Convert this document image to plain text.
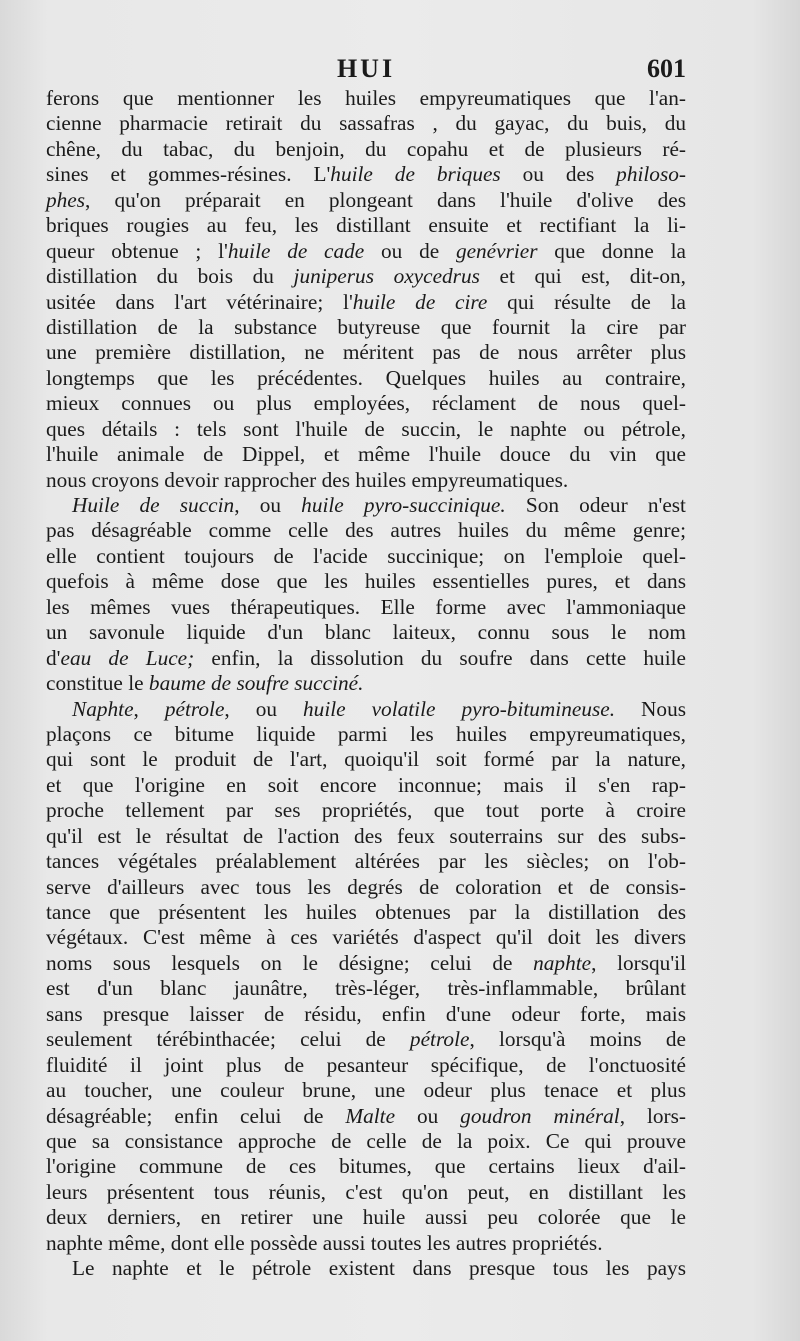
HUI	601
ferons que mentionner les huiles empyreumatiques que l'an-
cienne pharmacie retirait du sassafras , du gayac, du buis, du
chêne, du tabac, du benjoin, du copahu et de plusieurs ré-
sines et gommes-résines. L'huile de briques ou des philoso-
phes, qu'on préparait en plongeant dans l'huile d'olive des
briques rougies au feu, les distillant ensuite et rectifiant la li-
queur obtenue ; l'huile de cade ou de genévrier que donne la
distillation du bois du juniperus oxycedrus et qui est, dit-on,
usitée dans l'art vétérinaire; l'huile de cire qui résulte de la
distillation de la substance butyreuse que fournit la cire par
une première distillation, ne méritent pas de nous arrêter plus
longtemps que les précédentes. Quelques huiles au contraire,
mieux connues ou plus employées, réclament de nous quel-
ques détails : tels sont l'huile de succin, le naphte ou pétrole,
l'huile animale de Dippel, et même l'huile douce du vin que
nous croyons devoir rapprocher des huiles empyreumatiques.
Huile de succin, ou huile pyro-succinique. Son odeur n'est
pas désagréable comme celle des autres huiles du même genre;
elle contient toujours de l'acide succinique; on l'emploie quel-
quefois à même dose que les huiles essentielles pures, et dans
les mêmes vues thérapeutiques. Elle forme avec l'ammoniaque
un savonule liquide d'un blanc laiteux, connu sous le nom
d'eau de Luce; enfin, la dissolution du soufre dans cette huile
constitue le baume de soufre succiné.
Naphte, pétrole, ou huile volatile pyro-bitumineuse. Nous
plaçons ce bitume liquide parmi les huiles empyreumatiques,
qui sont le produit de l'art, quoiqu'il soit formé par la nature,
et que l'origine en soit encore inconnue; mais il s'en rap-
proche tellement par ses propriétés, que tout porte à croire
qu'il est le résultat de l'action des feux souterrains sur des subs-
tances végétales préalablement altérées par les siècles; on l'ob-
serve d'ailleurs avec tous les degrés de coloration et de consis-
tance que présentent les huiles obtenues par la distillation des
végétaux. C'est même à ces variétés d'aspect qu'il doit les divers
noms sous lesquels on le désigne; celui de naphte, lorsqu'il
est d'un blanc jaunâtre, très-léger, très-inflammable, brûlant
sans presque laisser de résidu, enfin d'une odeur forte, mais
seulement térébinthacée; celui de pétrole, lorsqu'à moins de
fluidité il joint plus de pesanteur spécifique, de l'onctuosité
au toucher, une couleur brune, une odeur plus tenace et plus
désagréable; enfin celui de Malte ou goudron minéral, lors-
que sa consistance approche de celle de la poix. Ce qui prouve
l'origine commune de ces bitumes, que certains lieux d'ail-
leurs présentent tous réunis, c'est qu'on peut, en distillant les
deux derniers, en retirer une huile aussi peu colorée que le
naphte même, dont elle possède aussi toutes les autres propriétés.
Le naphte et le pétrole existent dans presque tous les pays
